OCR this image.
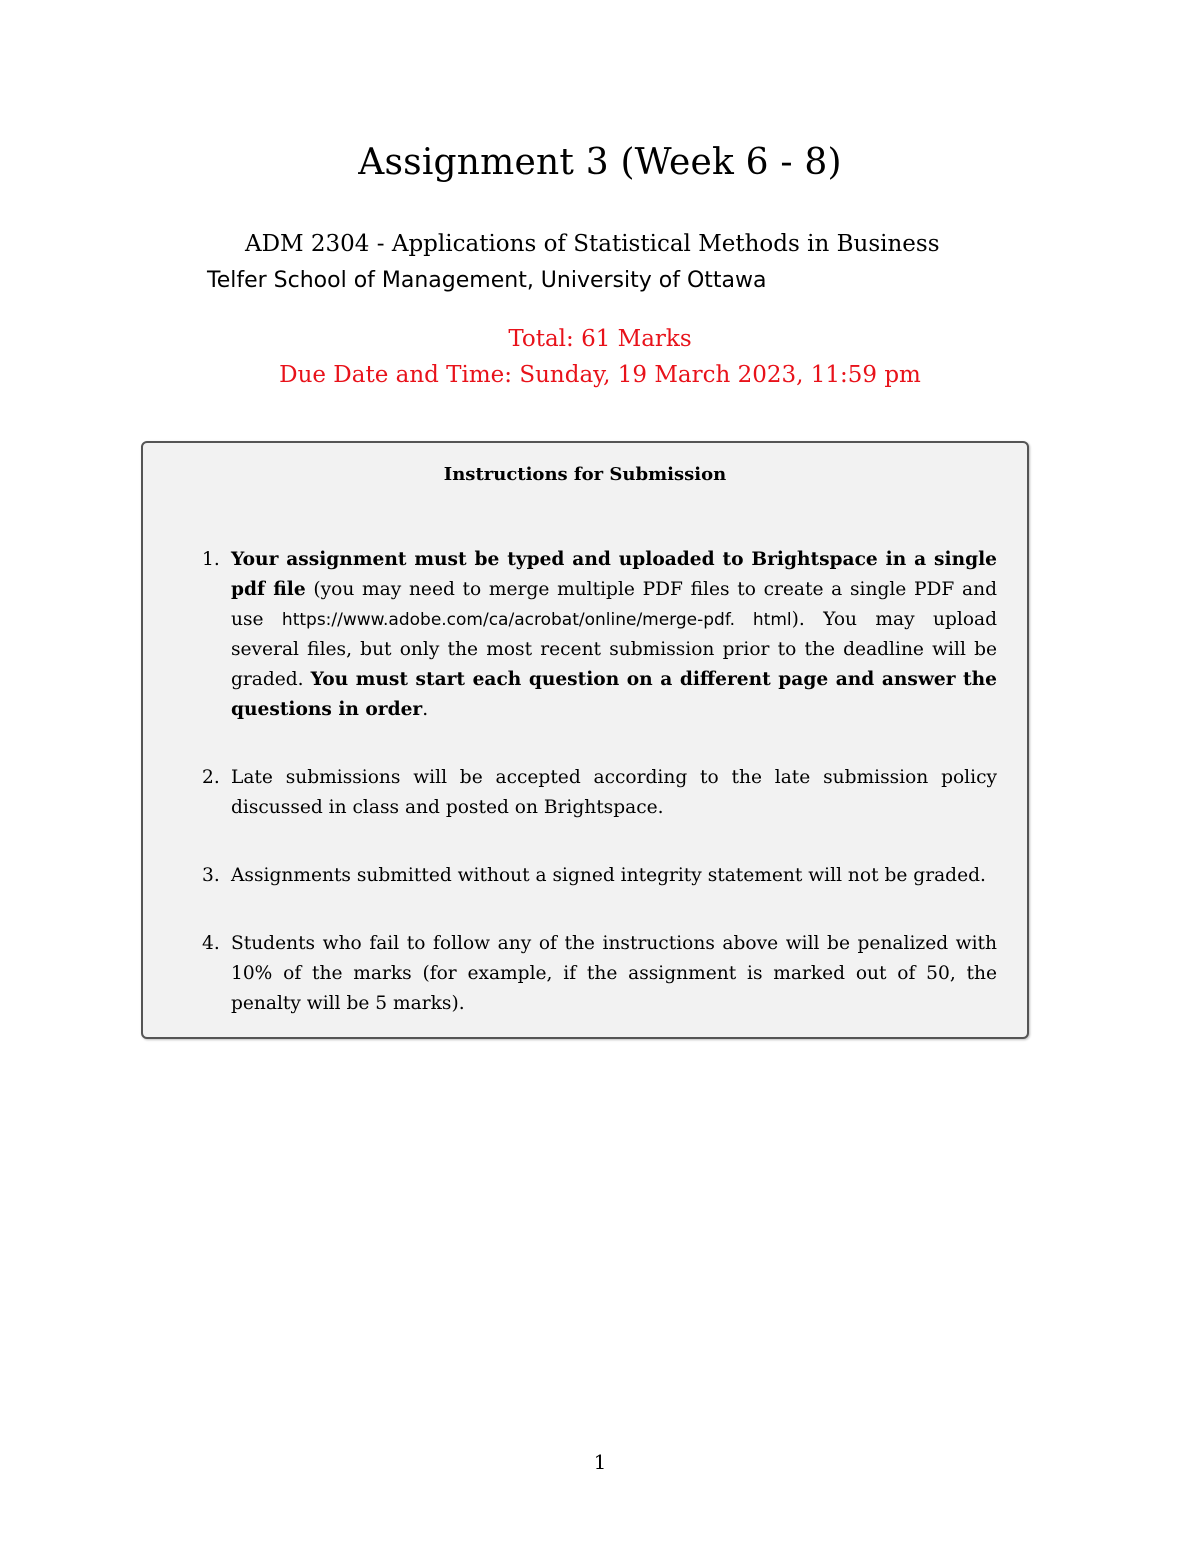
Assignment 3 (Week 6 - 8)
ADM 2304 - Applications of Statistical Methods in Business
Telfer School of Management, University of Ottawa
Total: 61 Marks
Due Date and Time: Sunday, 19 March 2023, 11:59 pm
Instructions for Submission
1. Your assignment must be typed and uploaded to Brightspace in a single pdf file (you may need to merge multiple PDF files to create a single PDF and use https://www.adobe.com/ca/acrobat/online/merge-pdf. html). You may upload several files, but only the most recent submission prior to the deadline will be graded. You must start each question on a different page and answer the questions in order.
2. Late submissions will be accepted according to the late submission policy discussed in class and posted on Brightspace.
3. Assignments submitted without a signed integrity statement will not be graded.
4. Students who fail to follow any of the instructions above will be penalized with 10% of the marks (for example, if the assignment is marked out of 50, the penalty will be 5 marks).
1
